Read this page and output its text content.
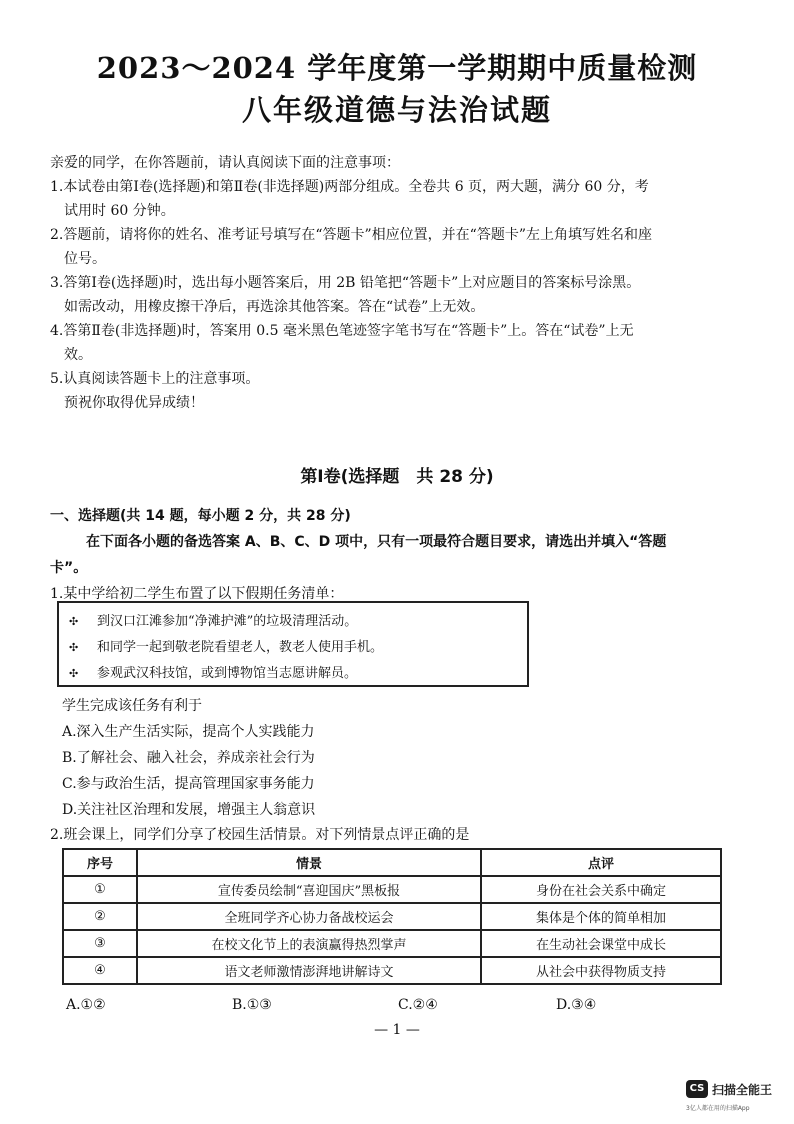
2023～2024 学年度第一学期期中质量检测
八年级道德与法治试题
亲爱的同学，在你答题前，请认真阅读下面的注意事项：
1.本试卷由第Ⅰ卷(选择题)和第Ⅱ卷(非选择题)两部分组成。全卷共 6 页，两大题，满分 60 分，考
试用时 60 分钟。
2.答题前，请将你的姓名、准考证号填写在“答题卡”相应位置，并在“答题卡”左上角填写姓名和座
位号。
3.答第Ⅰ卷(选择题)时，选出每小题答案后，用 2B 铅笔把“答题卡”上对应题目的答案标号涂黑。
如需改动，用橡皮擦干净后，再选涂其他答案。答在“试卷”上无效。
4.答第Ⅱ卷(非选择题)时，答案用 0.5 毫米黑色笔迹签字笔书写在“答题卡”上。答在“试卷”上无
效。
5.认真阅读答题卡上的注意事项。
预祝你取得优异成绩！
第Ⅰ卷(选择题　共 28 分)
一、选择题(共 14 题，每小题 2 分，共 28 分)
在下面各小题的备选答案 A、B、C、D 项中，只有一项最符合题目要求，请选出并填入“答题
卡”。
1.某中学给初二学生布置了以下假期任务清单：
✣ 到汉口江滩参加“净滩护滩”的垃圾清理活动。
✣ 和同学一起到敬老院看望老人，教老人使用手机。
✣ 参观武汉科技馆，或到博物馆当志愿讲解员。
学生完成该任务有利于
A.深入生产生活实际，提高个人实践能力
B.了解社会、融入社会，养成亲社会行为
C.参与政治生活，提高管理国家事务能力
D.关注社区治理和发展，增强主人翁意识
2.班会课上，同学们分享了校园生活情景。对下列情景点评正确的是
序号	情景	点评
①	宣传委员绘制“喜迎国庆”黑板报	身份在社会关系中确定
②	全班同学齐心协力备战校运会	集体是个体的简单相加
③	在校文化节上的表演赢得热烈掌声	在生动社会课堂中成长
④	语文老师激情澎湃地讲解诗文	从社会中获得物质支持
A.①②	B.①③	C.②④	D.③④
— 1 —
CS 扫描全能王
3亿人都在用的扫描App
